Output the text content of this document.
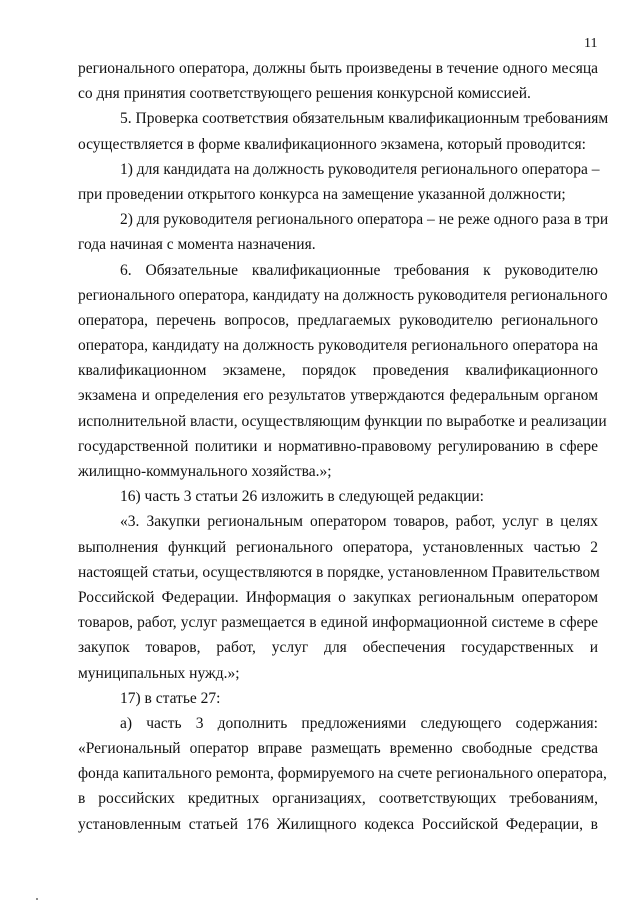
11
регионального оператора, должны быть произведены в течение одного месяца
со дня принятия соответствующего решения конкурсной комиссией.
5. Проверка соответствия обязательным квалификационным требованиям
осуществляется в форме квалификационного экзамена, который проводится:
1) для кандидата на должность руководителя регионального оператора –
при проведении открытого конкурса на замещение указанной должности;
2) для руководителя регионального оператора – не реже одного раза в три
года начиная с момента назначения.
6. Обязательные квалификационные требования к руководителю
регионального оператора, кандидату на должность руководителя регионального
оператора, перечень вопросов, предлагаемых руководителю регионального
оператора, кандидату на должность руководителя регионального оператора на
квалификационном экзамене, порядок проведения квалификационного
экзамена и определения его результатов утверждаются федеральным органом
исполнительной власти, осуществляющим функции по выработке и реализации
государственной политики и нормативно-правовому регулированию в сфере
жилищно-коммунального хозяйства.»;
16) часть 3 статьи 26 изложить в следующей редакции:
«3. Закупки региональным оператором товаров, работ, услуг в целях
выполнения функций регионального оператора, установленных частью 2
настоящей статьи, осуществляются в порядке, установленном Правительством
Российской Федерации. Информация о закупках региональным оператором
товаров, работ, услуг размещается в единой информационной системе в сфере
закупок товаров, работ, услуг для обеспечения государственных и
муниципальных нужд.»;
17) в статье 27:
а) часть 3 дополнить предложениями следующего содержания:
«Региональный оператор вправе размещать временно свободные средства
фонда капитального ремонта, формируемого на счете регионального оператора,
в российских кредитных организациях, соответствующих требованиям,
установленным статьей 176 Жилищного кодекса Российской Федерации, в
